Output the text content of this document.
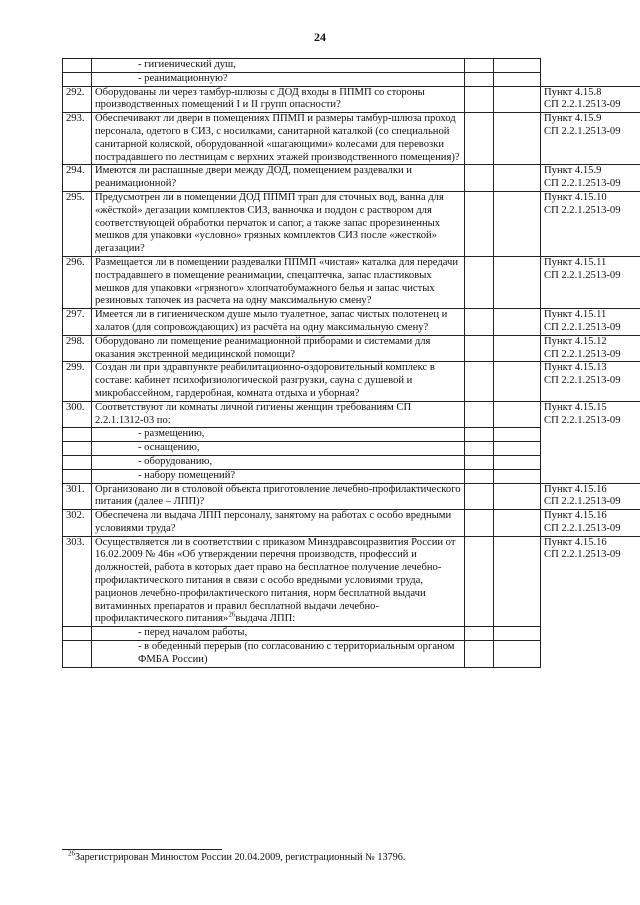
24
	- гигиенический душ,			

	- реанимационную?			

292.	Оборудованы ли через тамбур-шлюзы с ДОД входы в ППМП со стороны производственных помещений I и II групп опасности?			Пункт 4.15.8
СП 2.2.1.2513-09

293.	Обеспечивают ли двери в помещениях ППМП и размеры тамбур-шлюза проход персонала, одетого в СИЗ, с носилками, санитарной каталкой (со специальной санитарной коляской, оборудованной «шагающими» колесами для перевозки пострадавшего по лестницам с верхних этажей производственного помещения)?			Пункт 4.15.9
СП 2.2.1.2513-09

294.	Имеются ли распашные двери между ДОД, помещением раздевалки и реанимационной?			Пункт 4.15.9
СП 2.2.1.2513-09

295.	Предусмотрен ли в помещении ДОД ППМП трап для сточных вод, ванна для «жёсткой» дегазации комплектов СИЗ, ванночка и поддон с раствором для соответствующей обработки перчаток и сапог, а также запас прорезиненных мешков для упаковки «условно» грязных комплектов СИЗ после «жесткой» дегазации?			Пункт 4.15.10
СП 2.2.1.2513-09

296.	Размещается ли в помещении раздевалки ППМП «чистая» каталка для передачи пострадавшего в помещение реанимации, спецаптечка, запас пластиковых мешков для упаковки «грязного» хлопчатобумажного белья и запас чистых резиновых тапочек из расчета на одну максимальную смену?			Пункт 4.15.11
СП 2.2.1.2513-09

297.	Имеется ли в гигиеническом душе мыло туалетное, запас чистых полотенец и халатов (для сопровождающих) из расчёта на одну максимальную смену?			Пункт 4.15.11
СП 2.2.1.2513-09

298.	Оборудовано ли помещение реанимационной приборами и системами для оказания экстренной медицинской помощи?			Пункт 4.15.12
СП 2.2.1.2513-09

299.	Создан ли при здравпункте реабилитационно-оздоровительный комплекс в составе: кабинет психофизиологической разгрузки, сауна с душевой и микробассейном, гардеробная, комната отдыха и уборная?			Пункт 4.15.13
СП 2.2.1.2513-09

300.	Соответствуют ли комнаты личной гигиены женщин требованиям СП 2.2.1.1312-03 по:			Пункт 4.15.15
СП 2.2.1.2513-09

	- размещению,			

	- оснащению,			

	- оборудованию,			

	- набору помещений?			

301.	Организовано ли в столовой объекта приготовление лечебно-профилактического питания (далее – ЛПП)?			Пункт 4.15.16
СП 2.2.1.2513-09

302.	Обеспечена ли выдача ЛПП персоналу, занятому на работах с особо вредными условиями труда?			Пункт 4.15.16
СП 2.2.1.2513-09

303.	Осуществляется ли в соответствии с приказом Минздравсоцразвития России от 16.02.2009 № 46н «Об утверждении перечня производств, профессий и должностей, работа в которых дает право на бесплатное получение лечебно-профилактического питания в связи с особо вредными условиями труда, рационов лечебно-профилактического питания, норм бесплатной выдачи витаминных препаратов и правил бесплатной выдачи лечебно-профилактического питания»$^{26}$выдача ЛПП:			Пункт 4.15.16
СП 2.2.1.2513-09

	- перед началом работы,			

	- в обеденный перерыв (по согласованию с территориальным органом ФМБА России)			
$^{26}$Зарегистрирован Минюстом России 20.04.2009, регистрационный № 13796.
